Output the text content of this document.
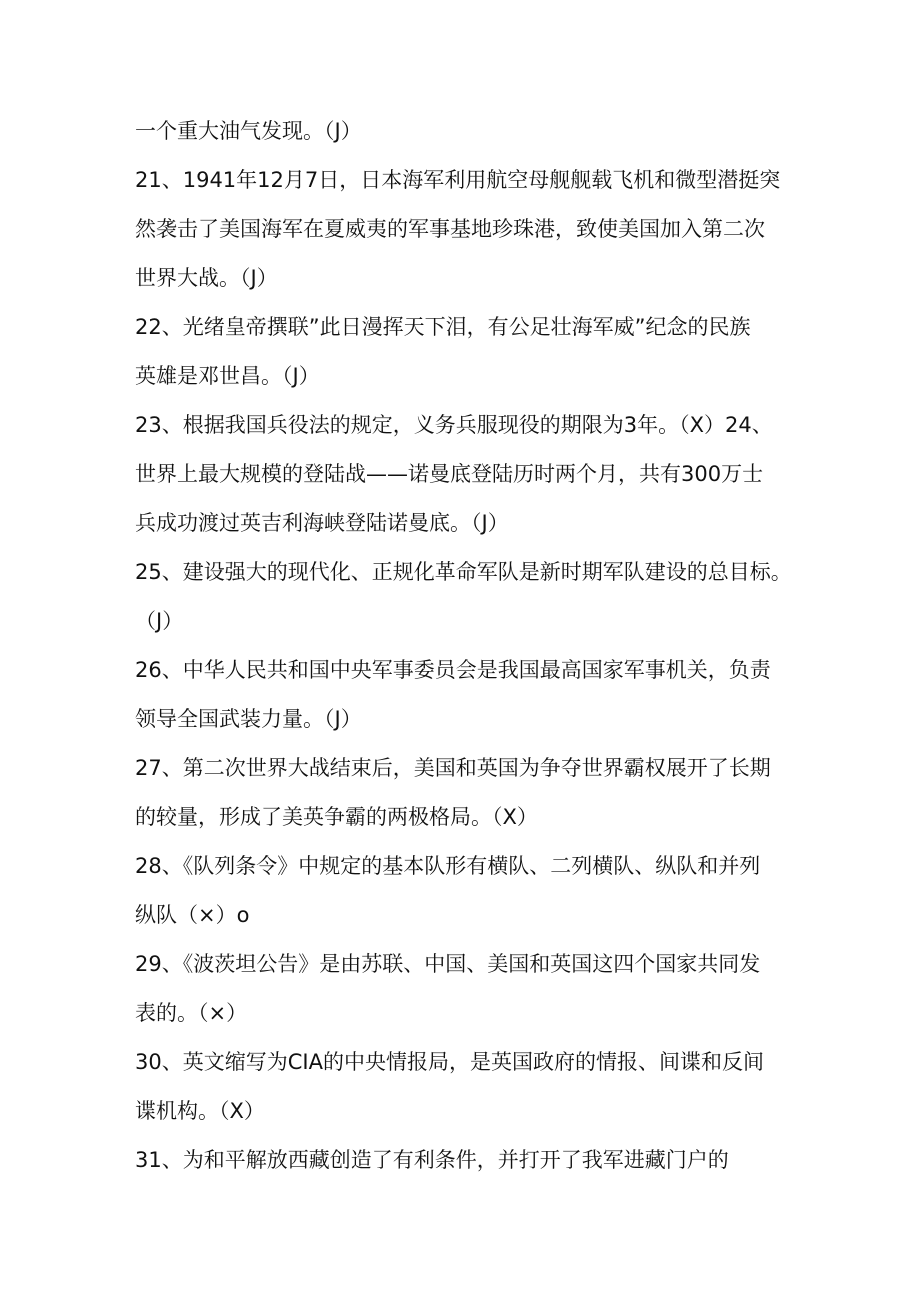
一个重大油气发现。（J）
21、1941年12月7日，日本海军利用航空母舰舰载飞机和微型潜挺突
然袭击了美国海军在夏威夷的军事基地珍珠港，致使美国加入第二次
世界大战。（J）
22、光绪皇帝撰联”此日漫挥天下泪，有公足壮海军威”纪念的民族
英雄是邓世昌。（J）
23、根据我国兵役法的规定，义务兵服现役的期限为3年。（X）24、
世界上最大规模的登陆战——诺曼底登陆历时两个月，共有300万士
兵成功渡过英吉利海峡登陆诺曼底。（J）
25、建设强大的现代化、正规化革命军队是新时期军队建设的总目标。
（J）
26、中华人民共和国中央军事委员会是我国最高国家军事机关，负责
领导全国武装力量。（J）
27、第二次世界大战结束后，美国和英国为争夺世界霸权展开了长期
的较量，形成了美英争霸的两极格局。（X）
28、《队列条令》中规定的基本队形有横队、二列横队、纵队和并列
纵队（×）o
29、《波茨坦公告》是由苏联、中国、美国和英国这四个国家共同发
表的。（×）
30、英文缩写为CIA的中央情报局，是英国政府的情报、间谍和反间
谍机构。（X）
31、为和平解放西藏创造了有利条件，并打开了我军进藏门户的
